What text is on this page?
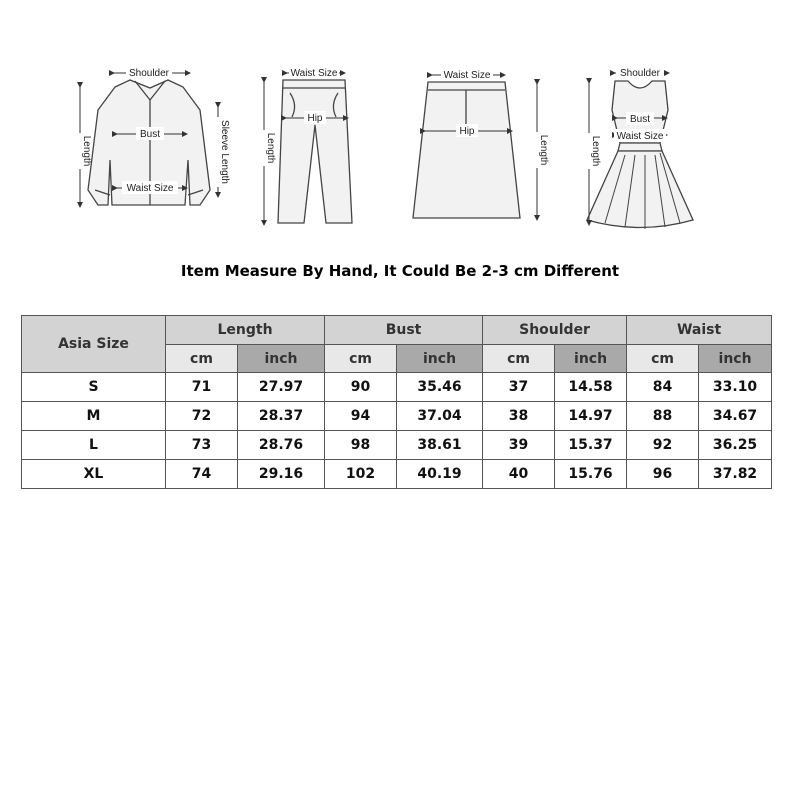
Shoulder
Bust
Waist Size
Length	Sleeve Length
Waist Size
Hip
Length
Waist Size
Hip
Length
Shoulder
Bust
Waist Size
Length
Item Measure By Hand, It Could Be 2-3 cm Different
Asia Size	Length		Bust		Shoulder		Waist	
	cm	inch	cm	inch	cm	inch	cm	inch
S	71	27.97	90	35.46	37	14.58	84	33.10
M	72	28.37	94	37.04	38	14.97	88	34.67
L	73	28.76	98	38.61	39	15.37	92	36.25
XL	74	29.16	102	40.19	40	15.76	96	37.82
